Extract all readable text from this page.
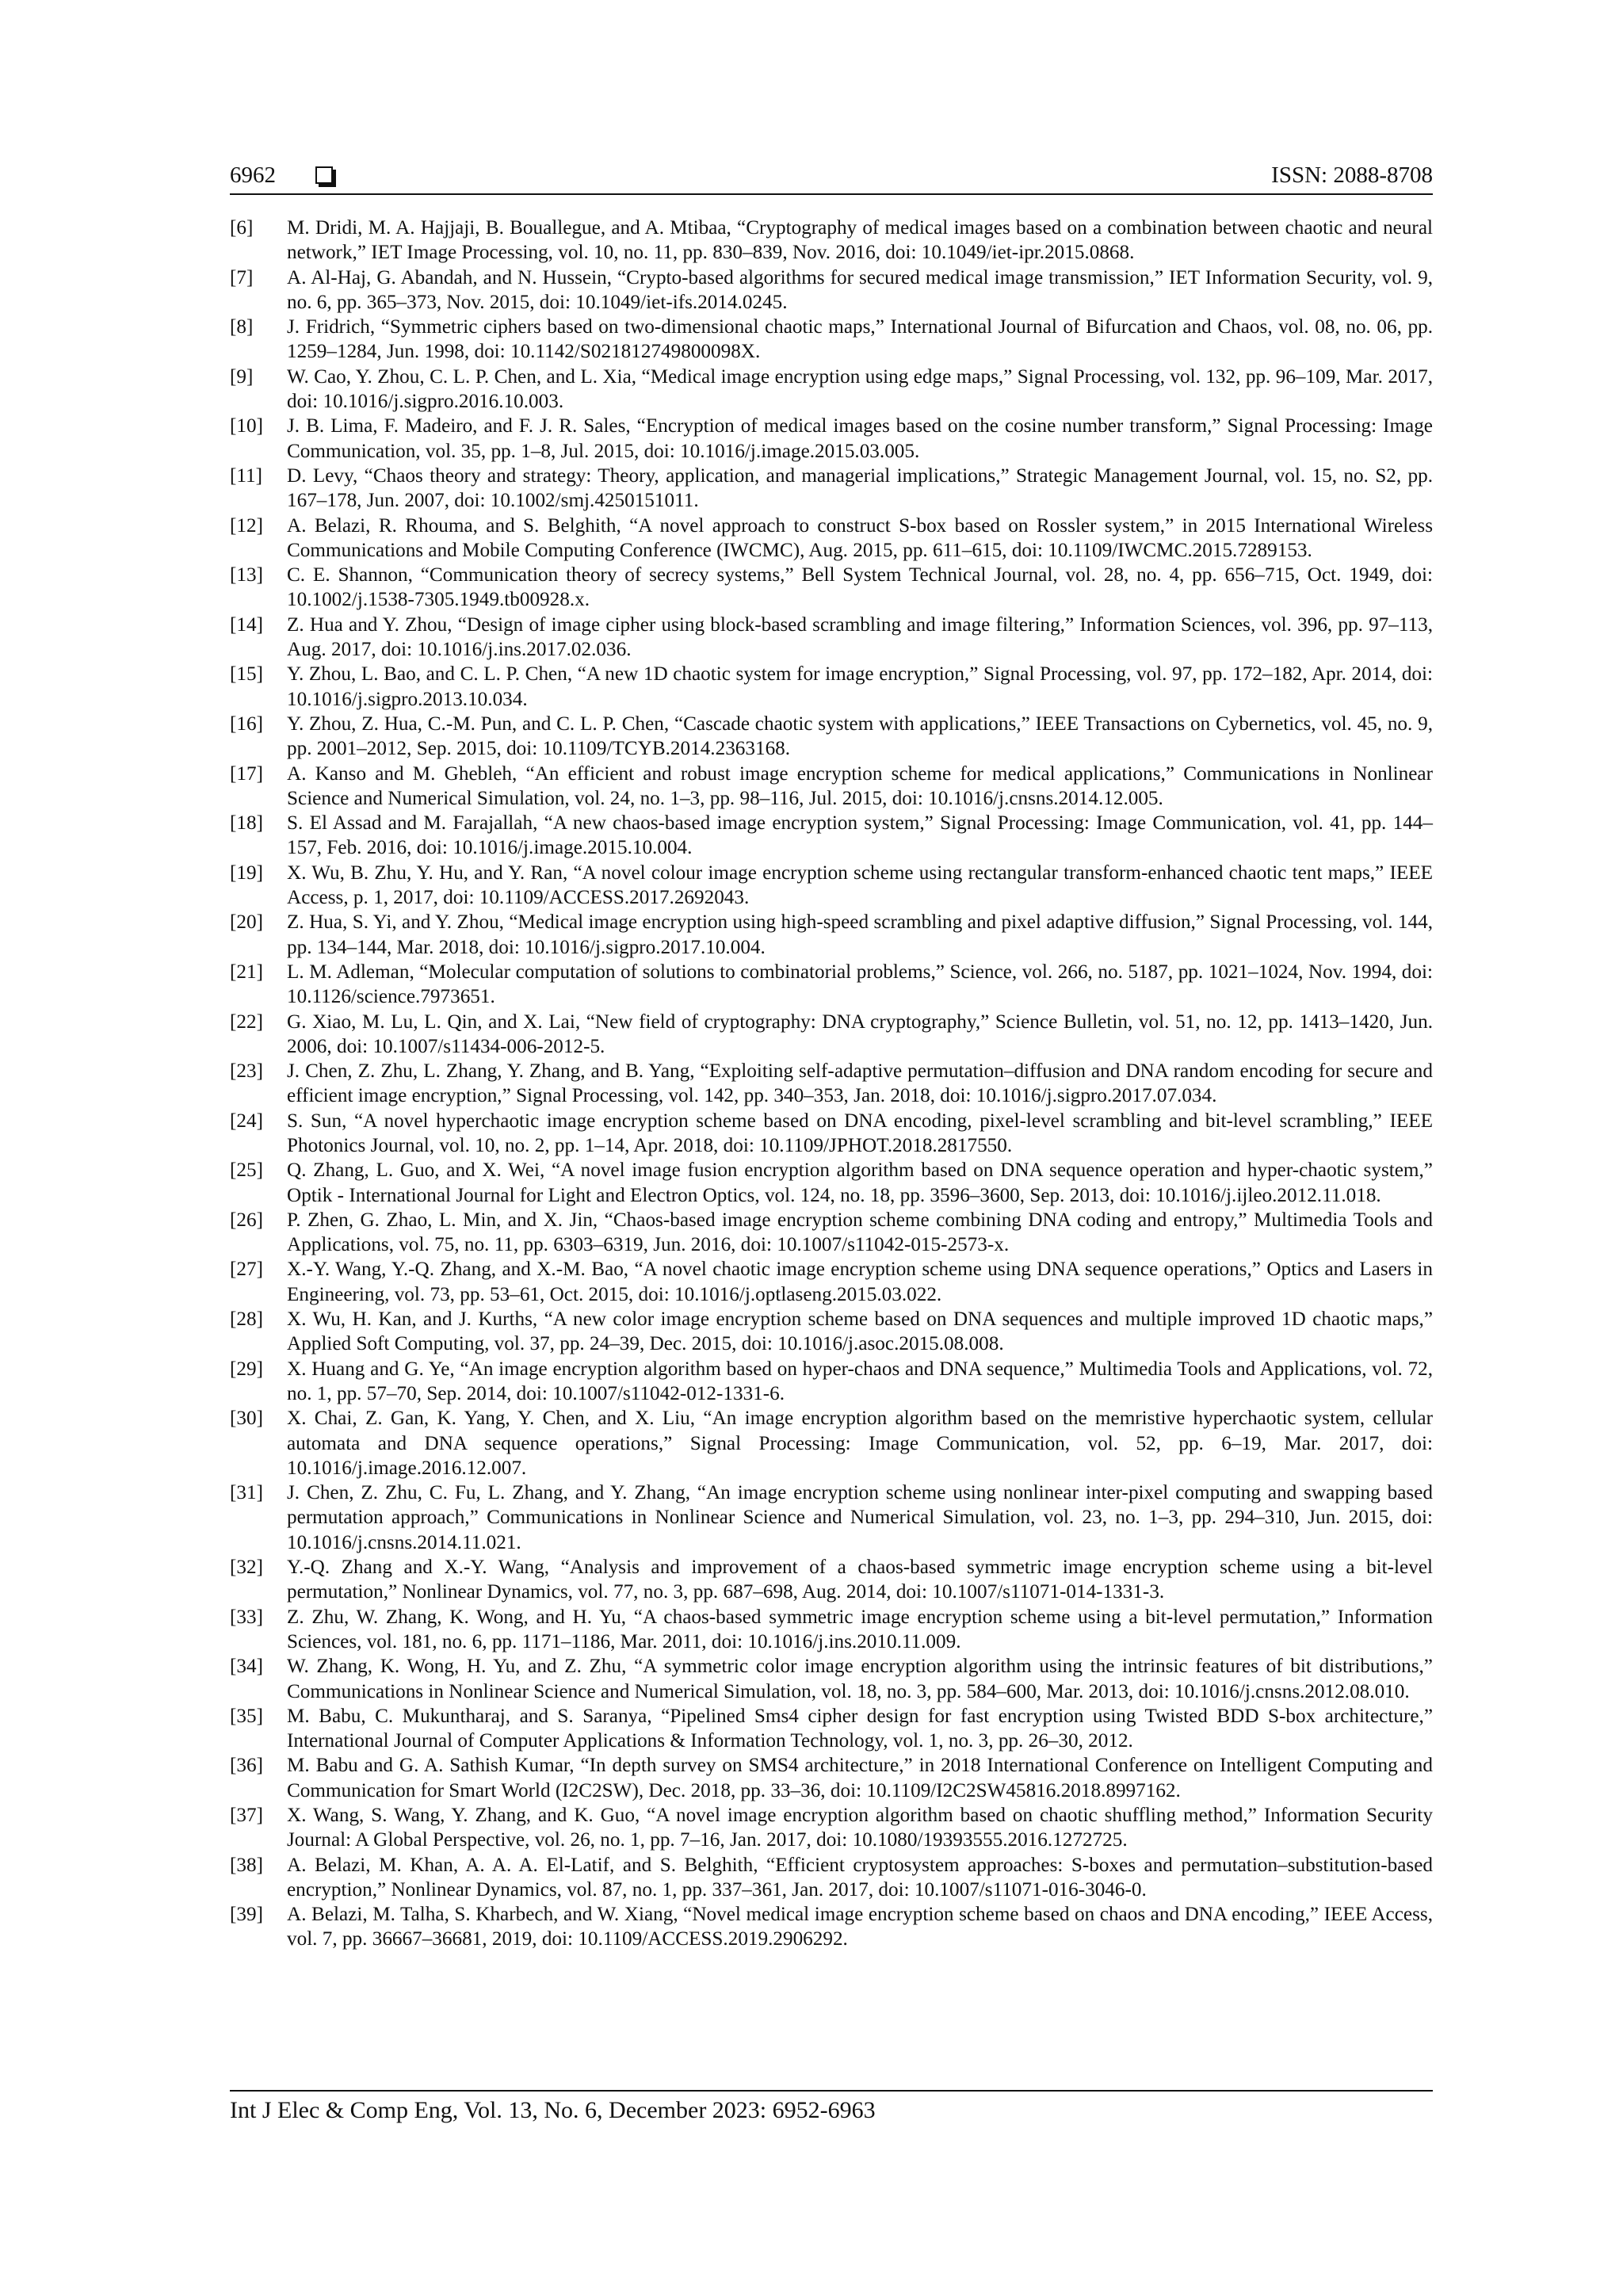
6962	ISSN: 2088-8708
[6]	M. Dridi, M. A. Hajjaji, B. Bouallegue, and A. Mtibaa, “Cryptography of medical images based on a combination between chaotic and neural network,” IET Image Processing, vol. 10, no. 11, pp. 830–839, Nov. 2016, doi: 10.1049/iet-ipr.2015.0868.
[7]	A. Al-Haj, G. Abandah, and N. Hussein, “Crypto-based algorithms for secured medical image transmission,” IET Information Security, vol. 9, no. 6, pp. 365–373, Nov. 2015, doi: 10.1049/iet-ifs.2014.0245.
[8]	J. Fridrich, “Symmetric ciphers based on two-dimensional chaotic maps,” International Journal of Bifurcation and Chaos, vol. 08, no. 06, pp. 1259–1284, Jun. 1998, doi: 10.1142/S021812749800098X.
[9]	W. Cao, Y. Zhou, C. L. P. Chen, and L. Xia, “Medical image encryption using edge maps,” Signal Processing, vol. 132, pp. 96–109, Mar. 2017, doi: 10.1016/j.sigpro.2016.10.003.
[10]	J. B. Lima, F. Madeiro, and F. J. R. Sales, “Encryption of medical images based on the cosine number transform,” Signal Processing: Image Communication, vol. 35, pp. 1–8, Jul. 2015, doi: 10.1016/j.image.2015.03.005.
[11]	D. Levy, “Chaos theory and strategy: Theory, application, and managerial implications,” Strategic Management Journal, vol. 15, no. S2, pp. 167–178, Jun. 2007, doi: 10.1002/smj.4250151011.
[12]	A. Belazi, R. Rhouma, and S. Belghith, “A novel approach to construct S-box based on Rossler system,” in 2015 International Wireless Communications and Mobile Computing Conference (IWCMC), Aug. 2015, pp. 611–615, doi: 10.1109/IWCMC.2015.7289153.
[13]	C. E. Shannon, “Communication theory of secrecy systems,” Bell System Technical Journal, vol. 28, no. 4, pp. 656–715, Oct. 1949, doi: 10.1002/j.1538-7305.1949.tb00928.x.
[14]	Z. Hua and Y. Zhou, “Design of image cipher using block-based scrambling and image filtering,” Information Sciences, vol. 396, pp. 97–113, Aug. 2017, doi: 10.1016/j.ins.2017.02.036.
[15]	Y. Zhou, L. Bao, and C. L. P. Chen, “A new 1D chaotic system for image encryption,” Signal Processing, vol. 97, pp. 172–182, Apr. 2014, doi: 10.1016/j.sigpro.2013.10.034.
[16]	Y. Zhou, Z. Hua, C.-M. Pun, and C. L. P. Chen, “Cascade chaotic system with applications,” IEEE Transactions on Cybernetics, vol. 45, no. 9, pp. 2001–2012, Sep. 2015, doi: 10.1109/TCYB.2014.2363168.
[17]	A. Kanso and M. Ghebleh, “An efficient and robust image encryption scheme for medical applications,” Communications in Nonlinear Science and Numerical Simulation, vol. 24, no. 1–3, pp. 98–116, Jul. 2015, doi: 10.1016/j.cnsns.2014.12.005.
[18]	S. El Assad and M. Farajallah, “A new chaos-based image encryption system,” Signal Processing: Image Communication, vol. 41, pp. 144–157, Feb. 2016, doi: 10.1016/j.image.2015.10.004.
[19]	X. Wu, B. Zhu, Y. Hu, and Y. Ran, “A novel colour image encryption scheme using rectangular transform-enhanced chaotic tent maps,” IEEE Access, p. 1, 2017, doi: 10.1109/ACCESS.2017.2692043.
[20]	Z. Hua, S. Yi, and Y. Zhou, “Medical image encryption using high-speed scrambling and pixel adaptive diffusion,” Signal Processing, vol. 144, pp. 134–144, Mar. 2018, doi: 10.1016/j.sigpro.2017.10.004.
[21]	L. M. Adleman, “Molecular computation of solutions to combinatorial problems,” Science, vol. 266, no. 5187, pp. 1021–1024, Nov. 1994, doi: 10.1126/science.7973651.
[22]	G. Xiao, M. Lu, L. Qin, and X. Lai, “New field of cryptography: DNA cryptography,” Science Bulletin, vol. 51, no. 12, pp. 1413–1420, Jun. 2006, doi: 10.1007/s11434-006-2012-5.
[23]	J. Chen, Z. Zhu, L. Zhang, Y. Zhang, and B. Yang, “Exploiting self-adaptive permutation–diffusion and DNA random encoding for secure and efficient image encryption,” Signal Processing, vol. 142, pp. 340–353, Jan. 2018, doi: 10.1016/j.sigpro.2017.07.034.
[24]	S. Sun, “A novel hyperchaotic image encryption scheme based on DNA encoding, pixel-level scrambling and bit-level scrambling,” IEEE Photonics Journal, vol. 10, no. 2, pp. 1–14, Apr. 2018, doi: 10.1109/JPHOT.2018.2817550.
[25]	Q. Zhang, L. Guo, and X. Wei, “A novel image fusion encryption algorithm based on DNA sequence operation and hyper-chaotic system,” Optik - International Journal for Light and Electron Optics, vol. 124, no. 18, pp. 3596–3600, Sep. 2013, doi: 10.1016/j.ijleo.2012.11.018.
[26]	P. Zhen, G. Zhao, L. Min, and X. Jin, “Chaos-based image encryption scheme combining DNA coding and entropy,” Multimedia Tools and Applications, vol. 75, no. 11, pp. 6303–6319, Jun. 2016, doi: 10.1007/s11042-015-2573-x.
[27]	X.-Y. Wang, Y.-Q. Zhang, and X.-M. Bao, “A novel chaotic image encryption scheme using DNA sequence operations,” Optics and Lasers in Engineering, vol. 73, pp. 53–61, Oct. 2015, doi: 10.1016/j.optlaseng.2015.03.022.
[28]	X. Wu, H. Kan, and J. Kurths, “A new color image encryption scheme based on DNA sequences and multiple improved 1D chaotic maps,” Applied Soft Computing, vol. 37, pp. 24–39, Dec. 2015, doi: 10.1016/j.asoc.2015.08.008.
[29]	X. Huang and G. Ye, “An image encryption algorithm based on hyper-chaos and DNA sequence,” Multimedia Tools and Applications, vol. 72, no. 1, pp. 57–70, Sep. 2014, doi: 10.1007/s11042-012-1331-6.
[30]	X. Chai, Z. Gan, K. Yang, Y. Chen, and X. Liu, “An image encryption algorithm based on the memristive hyperchaotic system, cellular automata and DNA sequence operations,” Signal Processing: Image Communication, vol. 52, pp. 6–19, Mar. 2017, doi: 10.1016/j.image.2016.12.007.
[31]	J. Chen, Z. Zhu, C. Fu, L. Zhang, and Y. Zhang, “An image encryption scheme using nonlinear inter-pixel computing and swapping based permutation approach,” Communications in Nonlinear Science and Numerical Simulation, vol. 23, no. 1–3, pp. 294–310, Jun. 2015, doi: 10.1016/j.cnsns.2014.11.021.
[32]	Y.-Q. Zhang and X.-Y. Wang, “Analysis and improvement of a chaos-based symmetric image encryption scheme using a bit-level permutation,” Nonlinear Dynamics, vol. 77, no. 3, pp. 687–698, Aug. 2014, doi: 10.1007/s11071-014-1331-3.
[33]	Z. Zhu, W. Zhang, K. Wong, and H. Yu, “A chaos-based symmetric image encryption scheme using a bit-level permutation,” Information Sciences, vol. 181, no. 6, pp. 1171–1186, Mar. 2011, doi: 10.1016/j.ins.2010.11.009.
[34]	W. Zhang, K. Wong, H. Yu, and Z. Zhu, “A symmetric color image encryption algorithm using the intrinsic features of bit distributions,” Communications in Nonlinear Science and Numerical Simulation, vol. 18, no. 3, pp. 584–600, Mar. 2013, doi: 10.1016/j.cnsns.2012.08.010.
[35]	M. Babu, C. Mukuntharaj, and S. Saranya, “Pipelined Sms4 cipher design for fast encryption using Twisted BDD S-box architecture,” International Journal of Computer Applications & Information Technology, vol. 1, no. 3, pp. 26–30, 2012.
[36]	M. Babu and G. A. Sathish Kumar, “In depth survey on SMS4 architecture,” in 2018 International Conference on Intelligent Computing and Communication for Smart World (I2C2SW), Dec. 2018, pp. 33–36, doi: 10.1109/I2C2SW45816.2018.8997162.
[37]	X. Wang, S. Wang, Y. Zhang, and K. Guo, “A novel image encryption algorithm based on chaotic shuffling method,” Information Security Journal: A Global Perspective, vol. 26, no. 1, pp. 7–16, Jan. 2017, doi: 10.1080/19393555.2016.1272725.
[38]	A. Belazi, M. Khan, A. A. A. El-Latif, and S. Belghith, “Efficient cryptosystem approaches: S-boxes and permutation–substitution-based encryption,” Nonlinear Dynamics, vol. 87, no. 1, pp. 337–361, Jan. 2017, doi: 10.1007/s11071-016-3046-0.
[39]	A. Belazi, M. Talha, S. Kharbech, and W. Xiang, “Novel medical image encryption scheme based on chaos and DNA encoding,” IEEE Access, vol. 7, pp. 36667–36681, 2019, doi: 10.1109/ACCESS.2019.2906292.
Int J Elec & Comp Eng, Vol. 13, No. 6, December 2023: 6952-6963
